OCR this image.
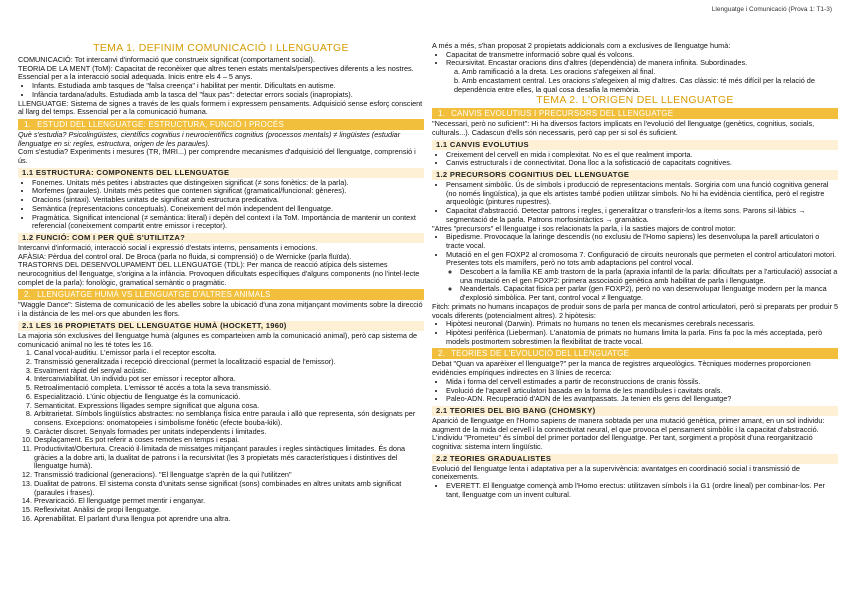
Llenguatge i Comunicació (Prova 1: T1-3)
TEMA 1. DEFINIM COMUNICACIÓ I LLENGUATGE

COMUNICACIÓ: Tot intercanvi d'informació que construeix significat (comportament social).

TEORIA DE LA MENT (ToM): Capacitat de reconèixer que altres tenen estats mentals/perspectives diferents a les nostres. Essencial per a la interacció social adequada. Inicis entre els 4 – 5 anys.

• Infants. Estudiada amb tasques de "falsa creença" i habilitat per mentir. Dificultats en autisme.
• Infància tardana/adults. Estudiada amb la tasca del "faux pas": detectar errors socials (inapropiats).

LLENGUATGE: Sistema de signes a través de les quals formem i expressem pensaments. Adquisició sense esforç conscient al llarg del temps. Essencial per a la comunicació humana.

1. ESTUDI DEL LLENGUATGE: ESTRUCTURA, FUNCIÓ I PROCÉS

Què s'estudia? Psicolingüistes, científics cognitius i neurocientífics cognitius (processos mentals) ≠ lingüistes (estudiar llenguatge en si: regles, estructura, origen de les paraules).

Com s'estudia? Experiments i mesures (TR, fMRI...) per comprendre mecanismes d'adquisició del llenguatge, comprensió i ús.

1.1 ESTRUCTURA: COMPONENTS DEL LLENGUATGE
• Fonemes. Unitats més petites i abstractes que distingeixen significat (≠ sons fonètics: de la parla).
• Morfemes (paraules). Unitats més petites que contenen significat (gramatical/funcional: gèneres).
• Oracions (sintaxi). Veritables unitats de significat amb estructura predicativa.
• Semàntica (representacions conceptuals). Coneixement del món independent del llenguatge.
• Pragmàtica. Significat intencional (≠ semàntica: literal) i depèn del context i la ToM. Importància de mantenir un context referencial (coneixement compartit entre emissor i receptor).
1.2 FUNCIÓ: COM I PER QUÈ S'UTILITZA?

Intercanvi d'informació, interacció social i expressió d'estats interns, pensaments i emocions.

AFÀSIA: Pèrdua del control oral. De Broca (parla no fluida, si comprensió) o de Wernicke (parla fluïda).

TRASTORNS DEL DESENVOLUPAMENT DEL LLENGUATGE (TDL): Per manca de reacció atípica dels sistemes neurocognitius del llenguatge, s'origina a la infància. Provoquen dificultats específiques d'alguns components (no l'intel·lecte complet de la parla): fonològic, gramatical semàntic o pragmàtic.

2. LLENGUATGE HUMÀ VS LLENGUATGE D'ALTRES ANIMALS

"Waggle Dance": Sistema de comunicació de les abelles sobre la ubicació d'una zona mitjançant moviments sobre la direcció i la distància de les mel·ors que abunden les flors.

2.1 LES 16 PROPIETATS DEL LLENGUATGE HUMÀ (HOCKETT, 1960)

La majoria són exclusives del llenguatge humà (algunes es comparteixen amb la comunicació animal), però cap sistema de comunicació animal no les té totes les 16.

1. Canal vocal-auditiu. L'emissor parla i el receptor escolta.
2. Transmissió generalitzada i recepció direccional (permet la localització espacial de l'emissor).
3. Esvaïment ràpid del senyal acústic.
4. Intercanviabilitat. Un individu pot ser emissor i receptor alhora.
5. Retroalimentació completa. L'emissor té accés a tota la seva transmissió.
6. Especialització. L'únic objectiu de llenguatge és la comunicació.
7. Semanticitat. Expressions lligades sempre significat que alguna cosa.
8. Arbitrarietat. Símbols lingüístics abstractes: no semblança física entre paraula i allò que representa, són designats per consens. Excepcions: onomatopeies i simbolisme fonètic (efecte bouba-kiki).
9. Caràcter discret. Senyals formades per unitats independents i limitades.
10. Desplaçament. Es pot referir a coses remotes en temps i espai.
11. Productivitat/Obertura. Creació il·limitada de missatges mitjançant paraules i regles sintàctiques limitades. És dona gràcies a la dobre arti, la dualitat de patrons i la recursivitat (les 3 propietats més característiques i distintives del llenguatge humà).
12. Transmissió tradicional (generacions). "El llenguatge s'aprèn de la qui l'utilitzen"
13. Dualitat de patrons. El sistema consta d'unitats sense significat (sons) combinades en altres unitats amb significat (paraules i frases).
14. Prevaricació. El llenguatge permet mentir i enganyar.
15. Reflexivitat. Anàlisi de propi llenguatge.
16. Aprenabilitat. El parlant d'una llengua pot aprendre una altra.

A més a més, s'han proposat 2 propietats addicionals com a exclusives de llenguatge humà:

• Capacitat de transmetre informació sobre qual és volcons.
• Recursivitat. Encastar oracions dins d'altres (dependència) de manera infinita. Subordinades.

a. Amb ramificació a la dreta. Les oracions s'afegeixen al final.

b. Amb encastament central. Les oracions s'afegeixen al mig d'altres. Cas clàssic: té més difícil per la relació de dependència entre elles, la qual cosa desafia la memòria.

TEMA 2. L'ORIGEN DEL LLENGUATGE
1. CANVIS EVOLUTIUS I PRECURSORS DEL LLENGUATGE

"Necessari, però no suficient": Hi ha diversos factors implicats en l'evolució del llenguatge (genètics, cognitius, socials, culturals...). Cadascun d'ells són necessaris, però cap per si sol és suficient.

1.1 CANVIS EVOLUTIUS
• Creixement del cervell en mida i complexitat. No es el que realment importa.
• Canvis estructurals i de connectivitat. Dona lloc a la sofisticació de capacitats cognitives.
1.2 PRECURSORS COGNITIUS DEL LLENGUATGE
• Pensament simbòlic. Ús de símbols i producció de representacions mentals. Sorgiria com una funció cognitiva general (no només lingüística), ja que els artistes també podien utilitzar símbols. No hi ha evidència científica, però el registre arqueològic (pintures rupestres).
• Capacitat d'abstracció. Detectar patrons i regles, i generalitzar o transferir-los a ítems sons. Parons sil·làbics → segmentació de la parla. Patrons morfosintàctics → gramàtica.

"Atres "precursors" el llenguatge i sos relacionats la parla, i la sasties majors de control motor:

• Bipedisme. Provocaque la laringe descendís (no exclusiu de l'Homo sapiens) les desenvolupa la parell articulatori o tracte vocal.
• Mutació en el gen FOXP2 al cromosoma 7. Configuració de circuits neuronals que permeten el control articulatori motori. Presentes tots els mamífers, però no tots amb adaptacions pel control vocal.
◦ Descobert a la família KE amb trastorn de la parla (apraxia infantil de la parla: dificultats per a l'articulació) associat a una mutació en el gen FOXP2: primera associació genètica amb habilitat de parla i llenguatge.
◦ Neandertals. Capacitat física per parlar (gen FOXP2), però no van desenvolupar llenguatge modern per la manca d'explosió simbòlica. Per tant, control vocal ≠ llenguatge.

Fitch: primats no humans incapaços de produir sons de parla per manca de control articulatori, però si preparats per produir 5 vocals diferents (potencialment altres). 2 hipòtesis:

• Hipòtesi neuronal (Darwin). Primats no humans no tenen els mecanismes cerebrals necessaris.
• Hipòtesi perifèrica (Lieberman). L'anatomia de primats no humans limita la parla. Fins fa poc la més acceptada, però models postmortem sobrestimen la flexibilitat de tracte vocal.
2. TEORIES DE L'EVOLUCIÓ DEL LLENGUATGE

Debat "Quan va aparèixer el llenguatge?" per la manca de registres arqueològics. Tècniques modernes proporcionen evidències empíriques indirectes en 3 línies de recerca:

• Mida i forma del cervell estimades a partir de reconstruccions de cranis fòssils.
• Evolució de l'aparell articulatori basada en la forma de les mandíbules i cavitats orals.
• Paleo-ADN. Recuperació d'ADN de les avantpassats. Ja tenien els gens del llenguatge?
2.1 TEORIES DEL BIG BANG (CHOMSKY)

Aparició de llenguatge en l'Homo sapiens de manera sobtada per una mutació genètica, primer amant, en un sol individu: augment de la mida del cervell i la connectivitat neural, el que provoca el pensament simbòlic i la capacitat d'abstracció. L'individu "Prometeu" és símbol del primer portador del llenguatge. Per tant, sorgiment a propòsit d'una reorganització cognitiva: sistema intern lingüístic.

2.2 TEORIES GRADUALISTES

Evolució del llenguatge lenta i adaptativa per a la supervivència: avantatges en coordinació social i transmissió de coneixements.

• EVERETT. El llenguatge començà amb l'Homo erectus: utilitzaven símbols i la G1 (ordre lineal) per combinar-los. Per tant, llenguatge com un invent cultural.
